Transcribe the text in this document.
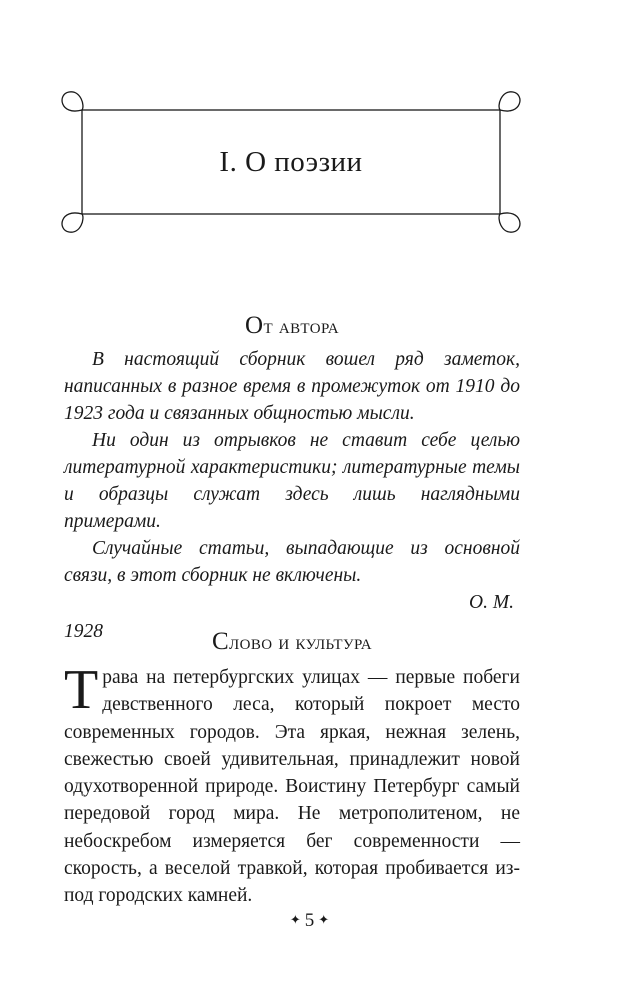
I. О поэзии
От автора

В настоящий сборник вошел ряд заметок, написанных в разное время в промежуток от 1910 до 1923 года и связанных общностью мысли.

Ни один из отрывков не ставит себе целью литературной характеристики; литературные темы и образцы служат здесь лишь наглядными примерами.

Случайные статьи, выпадающие из основной связи, в этот сборник не включены.

О. М.

1928	Слово и культура

Трава на петербургских улицах — первые побеги девственного леса, который покроет место современных городов. Эта яркая, нежная зелень, свежестью своей удивительная, принадлежит новой одухотворенной природе. Воистину Петербург самый передовой город мира. Не метрополитеном, не небоскребом измеряется бег современности — скорость, а веселой травкой, которая пробивается из-под городских камней.

✦ 5 ✦
